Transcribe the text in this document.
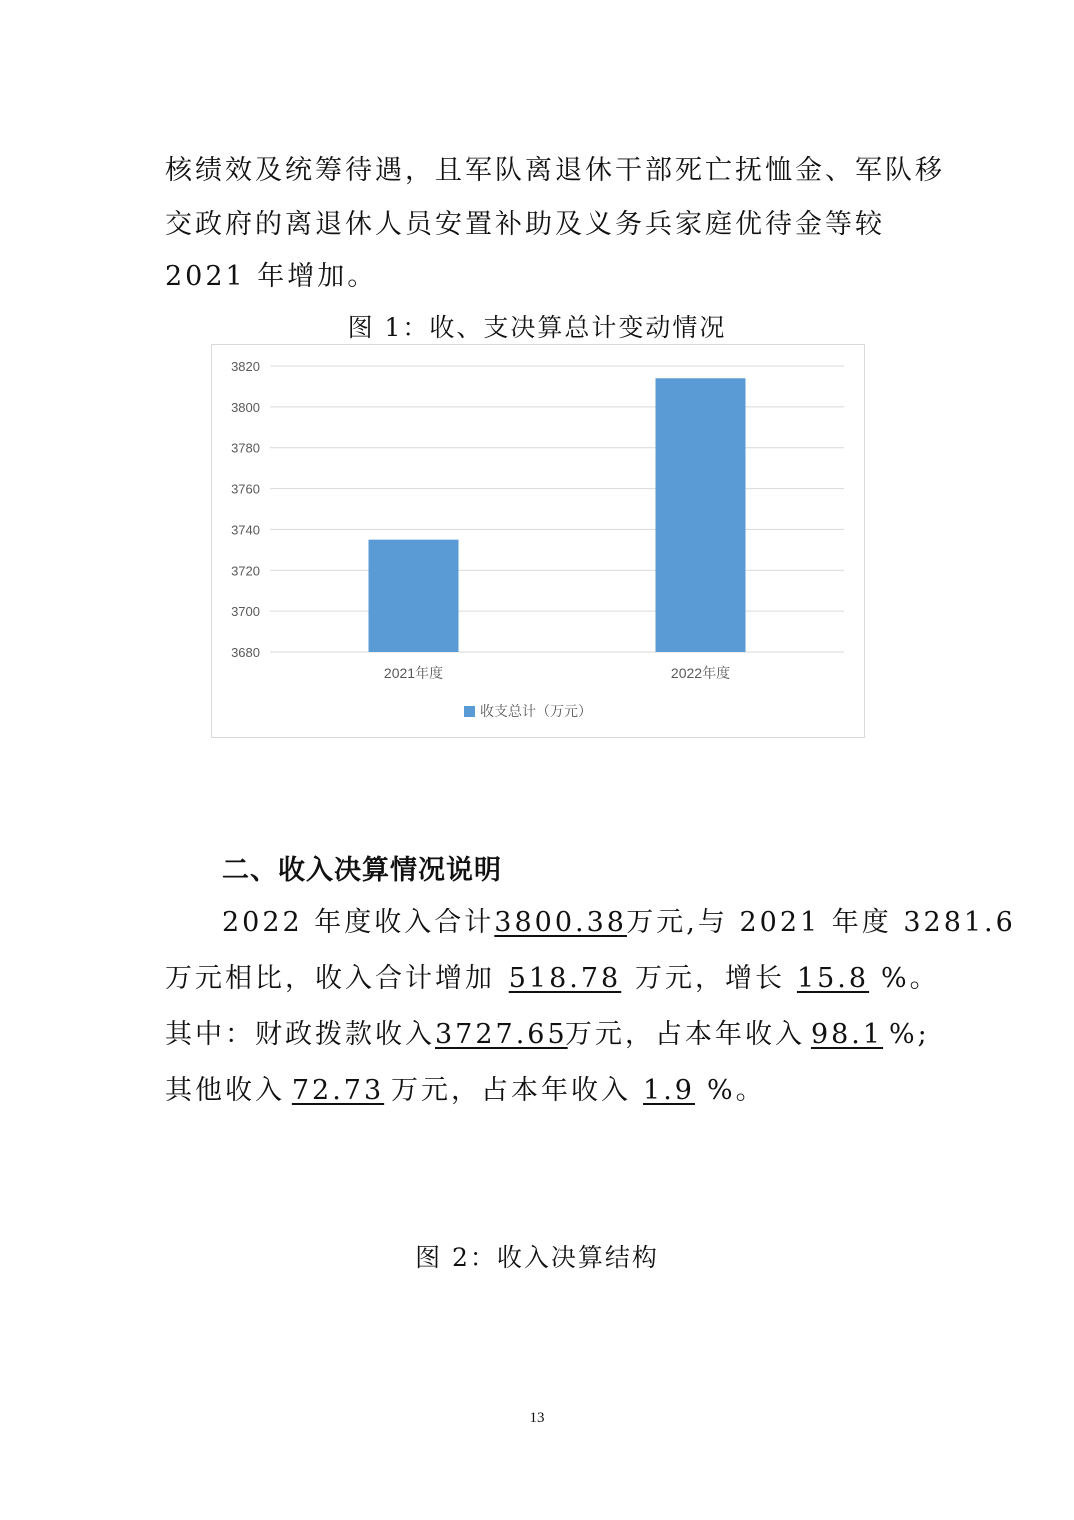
核绩效及统筹待遇，且军队离退休干部死亡抚恤金、军队移
交政府的离退休人员安置补助及义务兵家庭优待金等较
2021 年增加。
图 1：收、支决算总计变动情况
3680
3700
3720
3740
3760
3780
3800
3820
2021年度	2022年度
收支总计（万元）
二、收入决算情况说明
2022 年度收入合计3800.38万元,与 2021 年度 3281.6
万元相比，收入合计增加 518.78 万元，增长 15.8 %。
其中：财政拨款收入3727.65万元，占本年收入 98.1 %;
其他收入 72.73 万元，占本年收入 1.9 %。
图 2：收入决算结构
13
